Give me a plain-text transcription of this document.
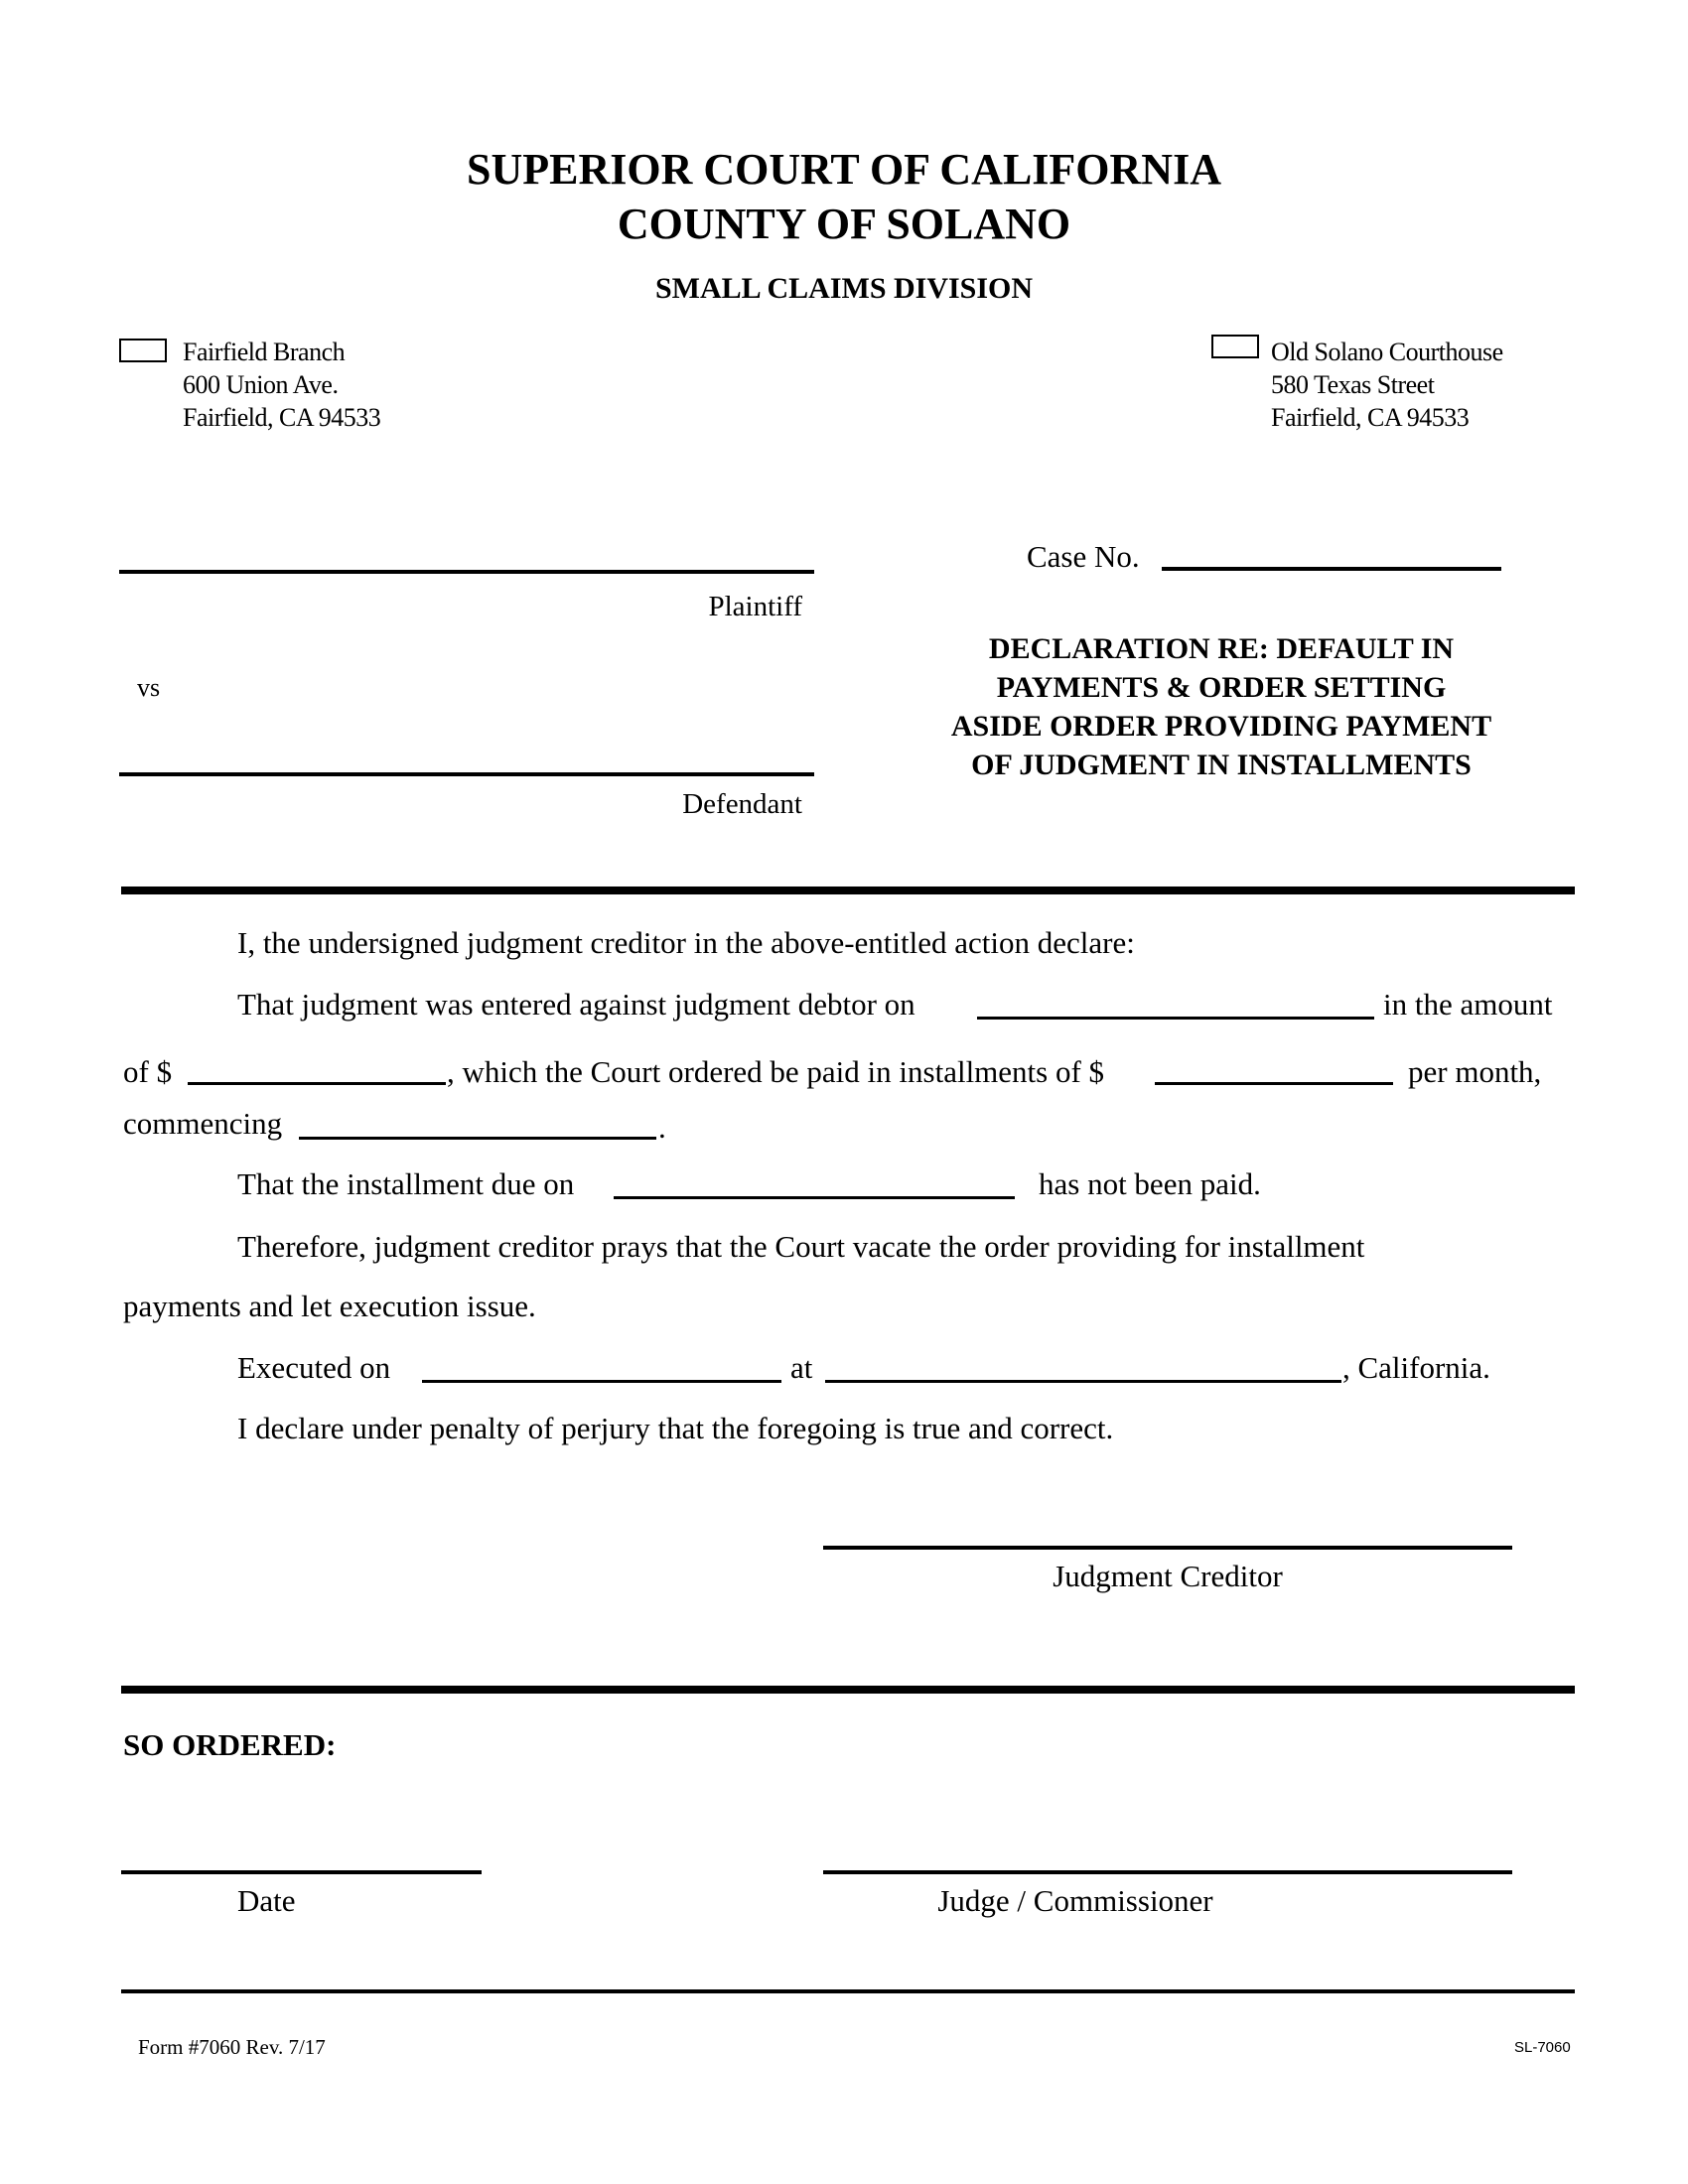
SUPERIOR COURT OF CALIFORNIA
COUNTY OF SOLANO
SMALL CLAIMS DIVISION
Fairfield Branch
600 Union Ave.
Fairfield, CA 94533
Old Solano Courthouse
580 Texas Street
Fairfield, CA 94533
Plaintiff
vs
Defendant
Case No.
DECLARATION RE: DEFAULT IN
PAYMENTS & ORDER SETTING
ASIDE ORDER PROVIDING PAYMENT
OF JUDGMENT IN INSTALLMENTS
I, the undersigned judgment creditor in the above-entitled action declare:
That judgment was entered against judgment debtor on	in the amount
of $	, which the Court ordered be paid in installments of $	per month,
commencing	.
That the installment due on	has not been paid.
Therefore, judgment creditor prays that the Court vacate the order providing for installment
payments and let execution issue.
Executed on	at	, California.
I declare under penalty of perjury that the foregoing is true and correct.
Judgment Creditor
SO ORDERED:
Date	Judge / Commissioner
Form #7060 Rev. 7/17	SL-7060
